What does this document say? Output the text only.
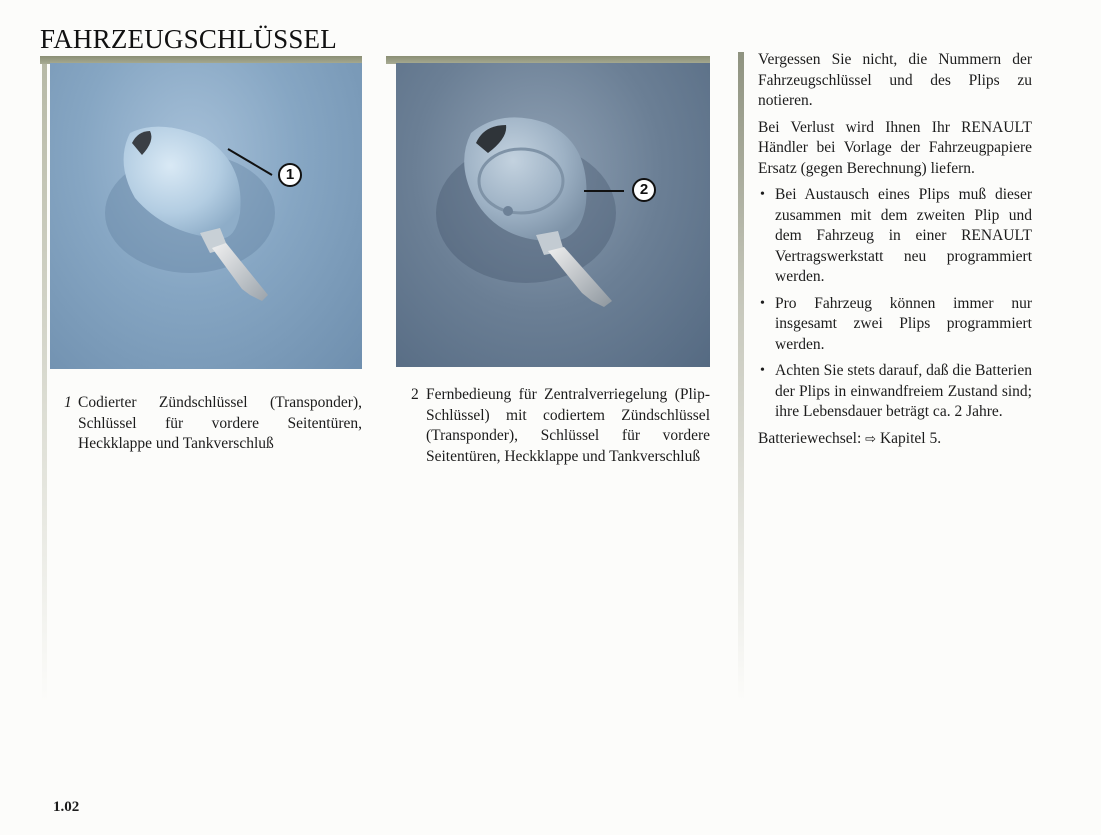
FAHRZEUGSCHLÜSSEL
1

1 Codierter Zündschlüssel (Transponder), Schlüssel für vordere Seitentüren, Heckklappe und Tankverschluß

2

2 Fernbedieung für Zentralverriegelung (Plip-Schlüssel) mit codiertem Zündschlüssel (Transponder), Schlüssel für vordere Seitentüren, Heckklappe und Tankverschluß

Vergessen Sie nicht, die Nummern der Fahrzeugschlüssel und des Plips zu notieren.

Bei Verlust wird Ihnen Ihr RENAULT Händler bei Vorlage der Fahrzeugpapiere Ersatz (gegen Berechnung) liefern.

• Bei Austausch eines Plips muß dieser zusammen mit dem zweiten Plip und dem Fahrzeug in einer RENAULT Vertragswerkstatt neu programmiert werden.
• Pro Fahrzeug können immer nur insgesamt zwei Plips programmiert werden.
• Achten Sie stets darauf, daß die Batterien der Plips in einwandfreiem Zustand sind; ihre Lebensdauer beträgt ca. 2 Jahre.

Batteriewechsel: ⇨ Kapitel 5.

1.02
